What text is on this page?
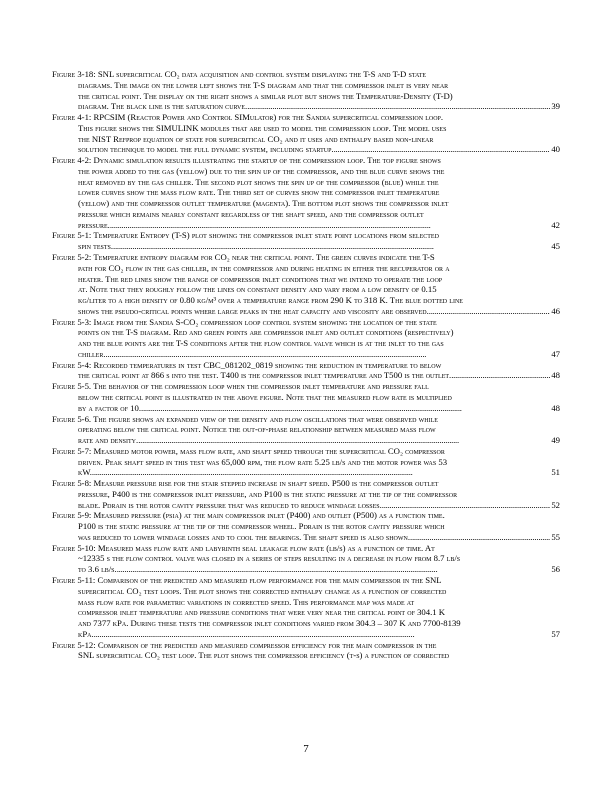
Figure 3-18: SNL supercritical CO₂ data acquisition and control system displaying the T-S and T-D state
diagrams. The image on the lower left shows the T-S diagram and that the compressor inlet is very near
the critical point. The display on the right shows a similar plot but shows the Temperature-Density (T-D)
diagram. The black line is the saturation curve. . . .	39
Figure 4-1: RPCSIM (Reactor Power and Control SIMulator) for the Sandia supercritical compression loop.
This figure shows the SIMULINK modules that are used to model the compression loop. The model uses
the NIST Refprop equation of state for supercritical CO₂ and it uses and enthalpy based non-linear
solution technique to model the full dynamic system, including startup. . . .	40
Figure 4-2: Dynamic simulation results illustrating the startup of the compression loop. The top figure shows
the power added to the gas (yellow) due to the spin up of the compressor, and the blue curve shows the
heat removed by the gas chiller. The second plot shows the spin up of the compressor (blue) while the
lower curves show the mass flow rate. The third set of curves show the compressor inlet temperature
(yellow) and the compressor outlet temperature (magenta). The bottom plot shows the compressor inlet
pressure which remains nearly constant regardless of the shaft speed, and the compressor outlet
pressure. . . .	42
Figure 5-1: Temperature Entropy (T-S) plot showing the compressor inlet state point locations from selected
spin tests. . . .	45
Figure 5-2: Temperature entropy diagram for CO₂ near the critical point. The green curves indicate the T-S
path for CO₂ flow in the gas chiller, in the compressor and during heating in either the recuperator or a
heater. The red lines show the range of compressor inlet conditions that we intend to operate the loop
at. Note that they roughly follow the lines on constant density and vary from a low density of 0.15
kg/liter to a high density of 0.80 kg/m³ over a temperature range from 290 K to 318 K. The blue dotted line
shows the pseudo-critical points where large peaks in the heat capacity and viscosity are observed. . . .	46
Figure 5-3: Image from the Sandia S-CO₂ compression loop control system showing the location of the state
points on the T-S diagram. Red and green points are compressor inlet and outlet conditions (respectively)
and the blue points are the T-S conditions after the flow control valve which is at the inlet to the gas
chiller. . . .	47
Figure 5-4: Recorded temperatures in test CBC_081202_0819 showing the reduction in temperature to below
the critical point at 866 s into the test. T400 is the compressor inlet temperature and T500 is the outlet. . . .	48
Figure 5-5. The behavior of the compression loop when the compressor inlet temperature and pressure fall
below the critical point is illustrated in the above figure. Note that the measured flow rate is multiplied
by a factor of 10. . . .	48
Figure 5-6. The figure shows an expanded view of the density and flow oscillations that were observed while
operating below the critical point. Notice the out-of-phase relationship between measured mass flow
rate and density. . . .	49
Figure 5-7: Measured motor power, mass flow rate, and shaft speed through the supercritical CO₂ compressor
driven. Peak shaft speed in this test was 65,000 rpm, the flow rate 5.25 lb/s and the motor power was 53
kW. . . .	51
Figure 5-8: Measure pressure rise for the stair stepped increase in shaft speed. P500 is the compressor outlet
pressure, P400 is the compressor inlet pressure, and P100 is the static pressure at the tip of the compressor
blade. Pdrain is the rotor cavity pressure that was reduced to reduce windage losses. . . .	52
Figure 5-9: Measured pressure (psia) at the main compressor inlet (P400) and outlet (P500) as a function time.
P100 is the static pressure at the tip of the compressor wheel. Pdrain is the rotor cavity pressure which
was reduced to lower windage losses and to cool the bearings. The shaft speed is also shown. . . .	55
Figure 5-10: Measured mass flow rate and labyrinth seal leakage flow rate (lb/s) as a function of time. At
~12335 s the flow control valve was closed in a series of steps resulting in a decrease in flow from 8.7 lb/s
to 3.6 lb/s. . . .	56
Figure 5-11: Comparison of the predicted and measured flow performance for the main compressor in the SNL
supercritical CO₂ test loops. The plot shows the corrected enthalpy change as a function of corrected
mass flow rate for parametric variations in corrected speed. This performance map was made at
compressor inlet temperature and pressure conditions that were very near the critical point of 304.1 K
and 7377 kPa. During these tests the compressor inlet conditions varied from 304.3 – 307 K and 7700-8139
kPa. . . .	57
Figure 5-12: Comparison of the predicted and measured compressor efficiency for the main compressor in the
SNL supercritical CO₂ test loop. The plot shows the compressor efficiency (t-s) a function of corrected
7
